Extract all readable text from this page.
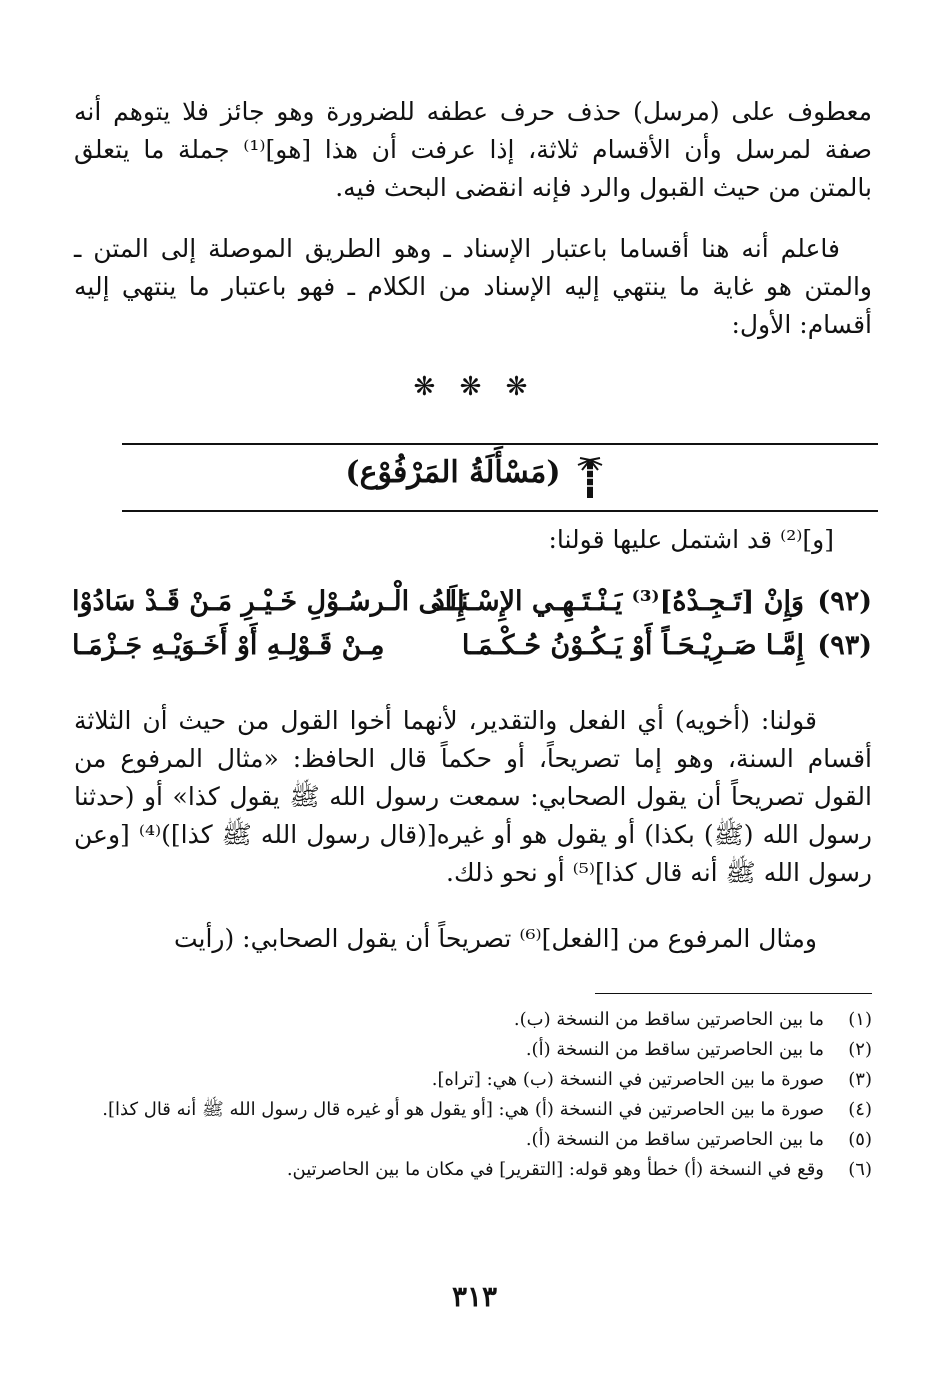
معطوف على (مرسل) حذف حرف عطفه للضرورة وهو جائز فلا يتوهم أنه صفة لمرسل وأن الأقسام ثلاثة، إذا عرفت أن هذا [هو]⁽¹⁾ جملة ما يتعلق بالمتن من حيث القبول والرد فإنه انقضى البحث فيه.
فاعلم أنه هنا أقساما باعتبار الإسناد ـ وهو الطريق الموصلة إلى المتن ـ والمتن هو غاية ما ينتهي إليه الإسناد من الكلام ـ فهو باعتبار ما ينتهي إليه أقسام: الأول:
❋ ❋ ❋
(مَسْأَلَةُ المَرْفُوْع)
[و]⁽²⁾ قد اشتمل عليها قولنا:
(٩٢)
وَإِنْ [تَـجِـدْهُ]⁽³⁾ يَـنْـتَـهِـي الإِسْـنَـادُ
إِلَـى الْـرسُـوْلِ خَـيْـرِ مَـنْ قَـدْ سَادُوْا
(٩٣)
إِمَّـا صَـرِيْـحَـاً أَوْ يَـكُـوْنُ حُـكْـمَـا
مِـنْ قَـوْلِـهِ أَوْ أَخَـوَيْـهِ جَـزْمَـا
قولنا: (أخويه) أي الفعل والتقدير، لأنهما أخوا القول من حيث أن الثلاثة أقسام السنة، وهو إما تصريحاً، أو حكماً قال الحافظ: «مثال المرفوع من القول تصريحاً أن يقول الصحابي: سمعت رسول الله ﷺ يقول كذا» أو (حدثنا رسول الله (ﷺ) بكذا) أو يقول هو أو غيره[(قال رسول الله ﷺ كذا])⁽⁴⁾ [وعن رسول الله ﷺ أنه قال كذا]⁽⁵⁾ أو نحو ذلك.
ومثال المرفوع من [الفعل]⁽⁶⁾ تصريحاً أن يقول الصحابي: (رأيت
(١)
ما بين الحاصرتين ساقط من النسخة (ب).
(٢)
ما بين الحاصرتين ساقط من النسخة (أ).
(٣)
صورة ما بين الحاصرتين في النسخة (ب) هي: [تراه].
(٤)
صورة ما بين الحاصرتين في النسخة (أ) هي: [أو يقول هو أو غيره قال رسول الله ﷺ أنه قال كذا].
(٥)
ما بين الحاصرتين ساقط من النسخة (أ).
(٦)
وقع في النسخة (أ) خطأ وهو قوله: [التقرير] في مكان ما بين الحاصرتين.
٣١٣
